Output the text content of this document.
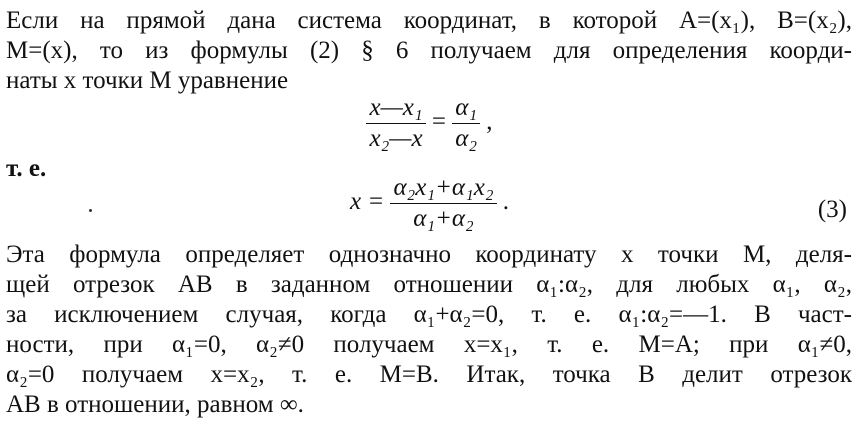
Если на прямой дана система координат, в которой A=(x₁), B=(x₂),
M=(x), то из формулы (2) § 6 получаем для определения коорди-
наты x точки M уравнение
$\frac{\text{x—x₁}}{\text{x₂—x}} = \frac{\text{α₁}}{\text{α₂}}$ ,
т. е.
$x = \frac{\text{α₂x₁+α₁x₂}}{\text{α₁+α₂}}$ .	(3)
Эта формула определяет однозначно координату x точки M, деля-
щей отрезок AB в заданном отношении α₁:α₂, для любых α₁, α₂,
за исключением случая, когда α₁+α₂=0, т. е. α₁:α₂=—1. В част-
ности, при α₁=0, α₂≠0 получаем x=x₁, т. е. M=A; при α₁≠0,
α₂=0 получаем x=x₂, т. е. M=B. Итак, точка B делит отрезок
AB в отношении, равном ∞.
